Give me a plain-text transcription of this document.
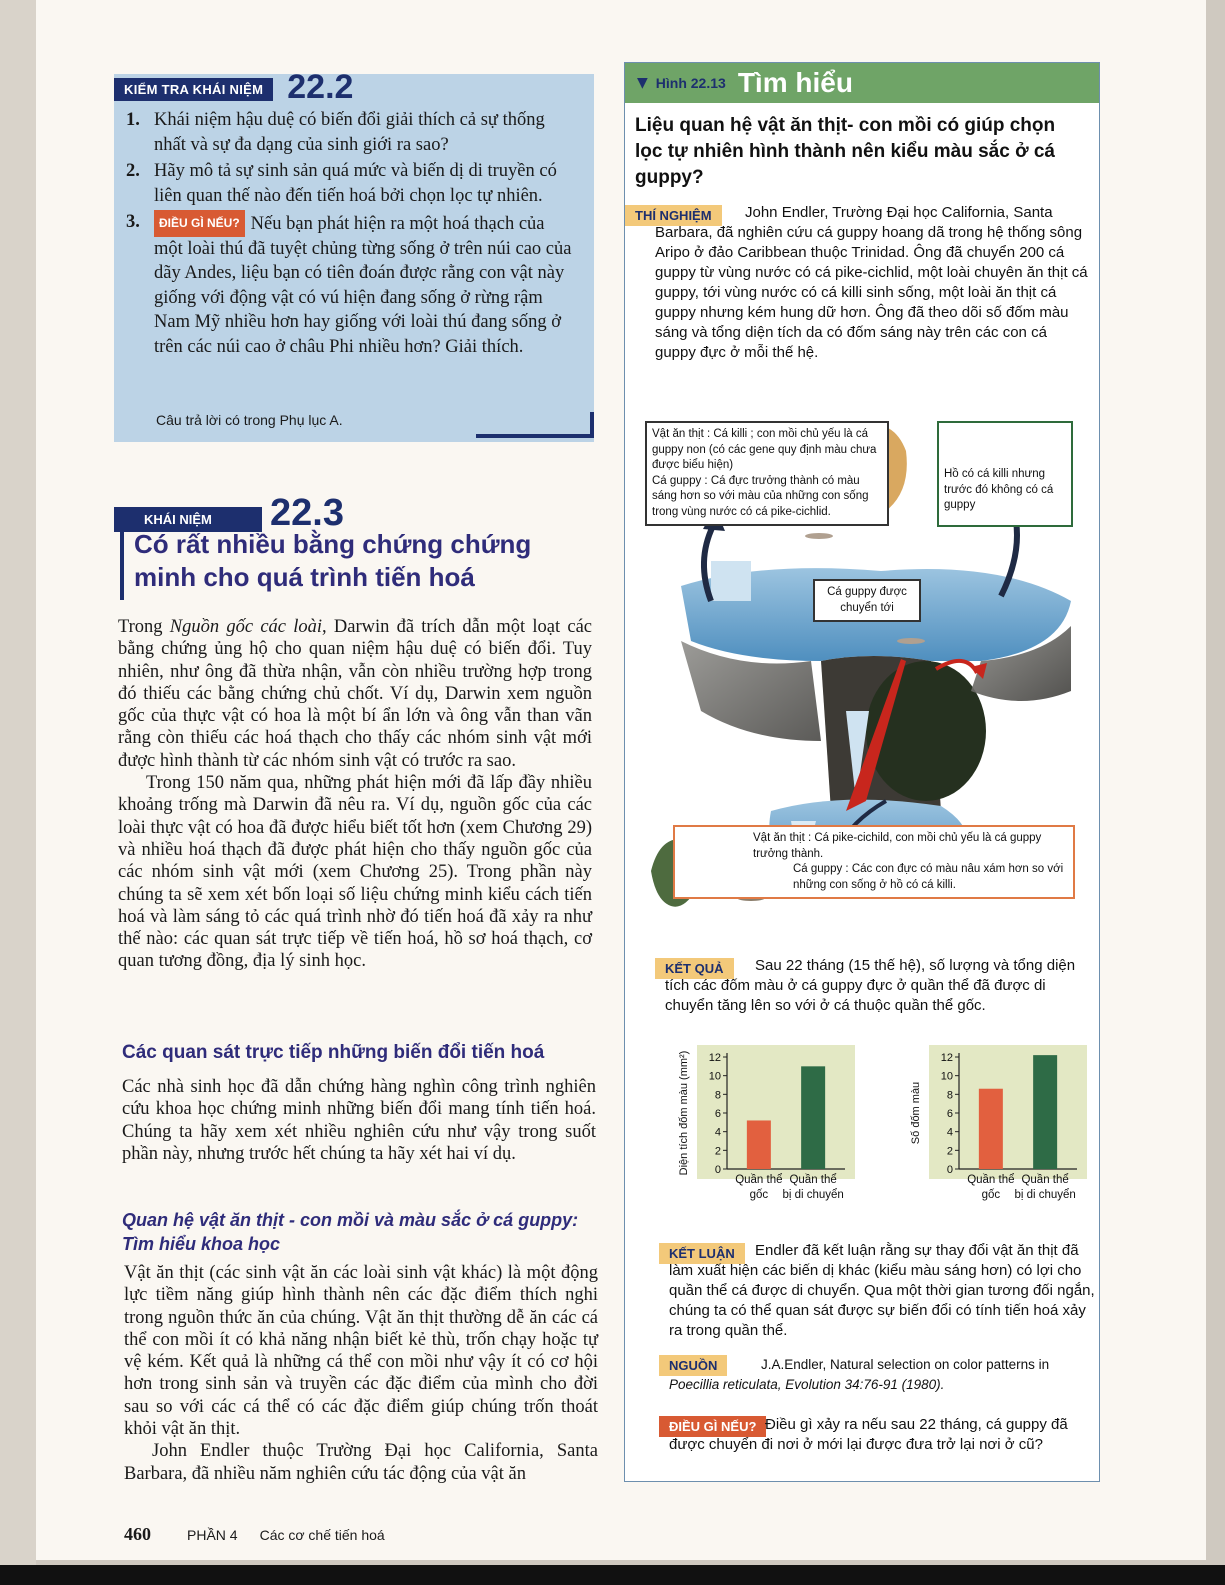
KIỂM TRA KHÁI NIỆM 22.2
1. Khái niệm hậu duệ có biến đổi giải thích cả sự thống nhất và sự đa dạng của sinh giới ra sao?
2. Hãy mô tả sự sinh sản quá mức và biến dị di truyền có liên quan thế nào đến tiến hoá bởi chọn lọc tự nhiên.
3.	ĐIỀU GÌ NẾU? Nếu bạn phát hiện ra một hoá thạch của một loài thú đã tuyệt chủng từng sống ở trên núi cao của dãy Andes, liệu bạn có tiên đoán được rằng con vật này giống với động vật có vú hiện đang sống ở rừng rậm Nam Mỹ nhiều hơn hay giống với loài thú đang sống ở trên các núi cao ở châu Phi nhiều hơn? Giải thích.
Câu trả lời có trong Phụ lục A.
KHÁI NIỆM	22.3
Có rất nhiều bằng chứng chứng minh cho quá trình tiến hoá

Trong Nguồn gốc các loài, Darwin đã trích dẫn một loạt các bằng chứng ủng hộ cho quan niệm hậu duệ có biến đổi. Tuy nhiên, như ông đã thừa nhận, vẫn còn nhiều trường hợp trong đó thiếu các bằng chứng chủ chốt. Ví dụ, Darwin xem nguồn gốc của thực vật có hoa là một bí ẩn lớn và ông vẫn than vãn rằng còn thiếu các hoá thạch cho thấy các nhóm sinh vật mới được hình thành từ các nhóm sinh vật có trước ra sao.

Trong 150 năm qua, những phát hiện mới đã lấp đầy nhiều khoảng trống mà Darwin đã nêu ra. Ví dụ, nguồn gốc của các loài thực vật có hoa đã được hiểu biết tốt hơn (xem Chương 29) và nhiều hoá thạch đã được phát hiện cho thấy nguồn gốc của các nhóm sinh vật mới (xem Chương 25). Trong phần này chúng ta sẽ xem xét bốn loại số liệu chứng minh kiểu cách tiến hoá và làm sáng tỏ các quá trình nhờ đó tiến hoá đã xảy ra như thế nào: các quan sát trực tiếp về tiến hoá, hồ sơ hoá thạch, cơ quan tương đồng, địa lý sinh học.

Các quan sát trực tiếp những biến đổi tiến hoá

Các nhà sinh học đã dẫn chứng hàng nghìn công trình nghiên cứu khoa học chứng minh những biến đổi mang tính tiến hoá. Chúng ta hãy xem xét nhiều nghiên cứu như vậy trong suốt phần này, nhưng trước hết chúng ta hãy xét hai ví dụ.

Quan hệ vật ăn thịt - con mồi và màu sắc ở cá guppy: Tìm hiểu khoa học

Vật ăn thịt (các sinh vật ăn các loài sinh vật khác) là một động lực tiềm năng giúp hình thành nên các đặc điểm thích nghi trong nguồn thức ăn của chúng. Vật ăn thịt thường dễ ăn các cá thể con mồi ít có khả năng nhận biết kẻ thù, trốn chạy hoặc tự vệ kém. Kết quả là những cá thể con mồi như vậy ít có cơ hội hơn trong sinh sản và truyền các đặc điểm của mình cho đời sau so với các cá thể có các đặc điểm giúp chúng trốn thoát khỏi vật ăn thịt.

John Endler thuộc Trường Đại học California, Santa Barbara, đã nhiều năm nghiên cứu tác động của vật ăn

460	PHẦN 4 Các cơ chế tiến hoá
▼ Hình 22.13 Tìm hiểu
Liệu quan hệ vật ăn thịt- con mồi có giúp chọn lọc tự nhiên hình thành nên kiểu màu sắc ở cá guppy?
THÍ NGHIỆM	John Endler, Trường Đại học California, Santa Barbara, đã nghiên cứu cá guppy hoang dã trong hệ thống sông Aripo ở đảo Caribbean thuộc Trinidad. Ông đã chuyển 200 cá guppy từ vùng nước có cá pike-cichlid, một loài chuyên ăn thịt cá guppy, tới vùng nước có cá killi sinh sống, một loài ăn thịt cá guppy nhưng kém hung dữ hơn. Ông đã theo dõi số đốm màu sáng và tổng diện tích da có đốm sáng này trên các con cá guppy đực ở mỗi thế hệ.
Vật ăn thịt : Cá killi ; con mồi chủ yếu là cá guppy non (có các gene quy định màu chưa được biểu hiện)
Cá guppy : Cá đực trưởng thành có màu sáng hơn so với màu của những con sống trong vùng nước có cá pike-cichlid.
Hồ có cá killi nhưng trước đó không có cá guppy
Cá guppy được chuyển tới
Vật ăn thịt : Cá pike-cichild, con mồi chủ yếu là cá guppy trưởng thành.
Cá guppy : Các con đực có màu nâu xám hơn so với những con sống ở hồ có cá killi.
KẾT QUẢ	Sau 22 tháng (15 thế hệ), số lượng và tổng diện tích các đốm màu ở cá guppy đực ở quần thể đã được di chuyển tăng lên so với ở cá thuộc quần thể gốc.
Diện tích đốm màu (mm²) 0
2
4
6
8
10
12
Quần thể
gốc
Quần thể
bị di chuyển
Số đốm màu
0
2
4
6
8
10
12
Quần thể
gốc
Quần thể
bị di chuyển
KẾT LUẬN	Endler đã kết luận rằng sự thay đổi vật ăn thịt đã làm xuất hiện các biến dị khác (kiểu màu sáng hơn) có lợi cho quần thể cá được di chuyển. Qua một thời gian tương đối ngắn, chúng ta có thể quan sát được sự biến đổi có tính tiến hoá xảy ra trong quần thể.
NGUỒN	J.A.Endler, Natural selection on color patterns in
Poecillia reticulata, Evolution 34:76-91 (1980).
ĐIỀU GÌ NẾU? Điều gì xảy ra nếu sau 22 tháng, cá guppy đã được chuyển đi nơi ở mới lại được đưa trở lại nơi ở cũ?
